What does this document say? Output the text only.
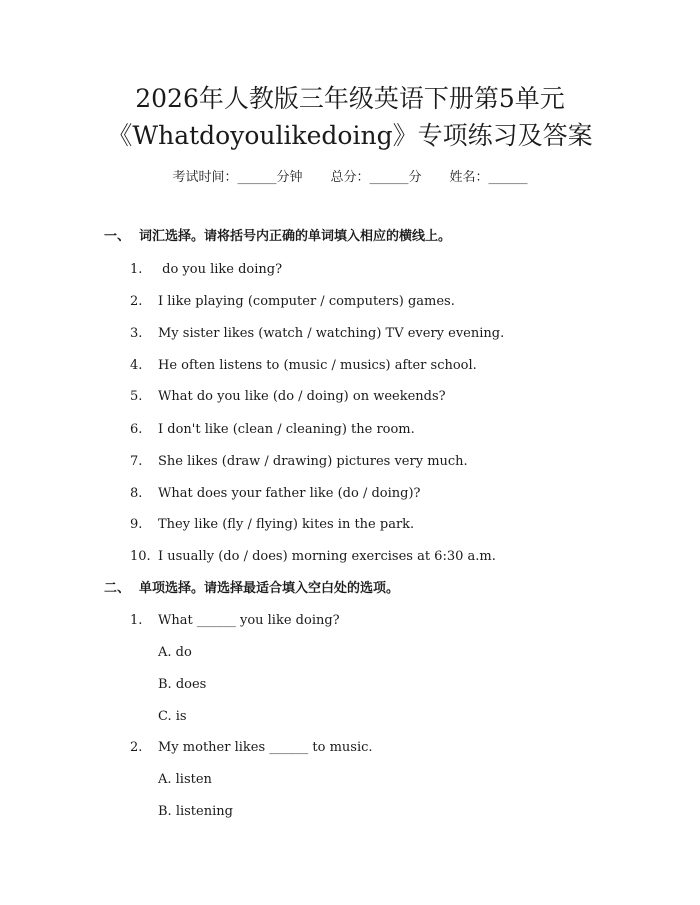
2026年人教版三年级英语下册第5单元
《Whatdoyoulikedoing》专项练习及答案
考试时间：______分钟 总分：______分 姓名：______
一、 词汇选择。请将括号内正确的单词填入相应的横线上。
1. do you like doing?
2. I like playing (computer / computers) games.
3. My sister likes (watch / watching) TV every evening.
4. He often listens to (music / musics) after school.
5. What do you like (do / doing) on weekends?
6. I don't like (clean / cleaning) the room.
7. She likes (draw / drawing) pictures very much.
8. What does your father like (do / doing)?
9. They like (fly / flying) kites in the park.
10. I usually (do / does) morning exercises at 6:30 a.m.
二、 单项选择。请选择最适合填入空白处的选项。
1. What ______ you like doing?
A. do
B. does
C. is
2. My mother likes ______ to music.
A. listen
B. listening
